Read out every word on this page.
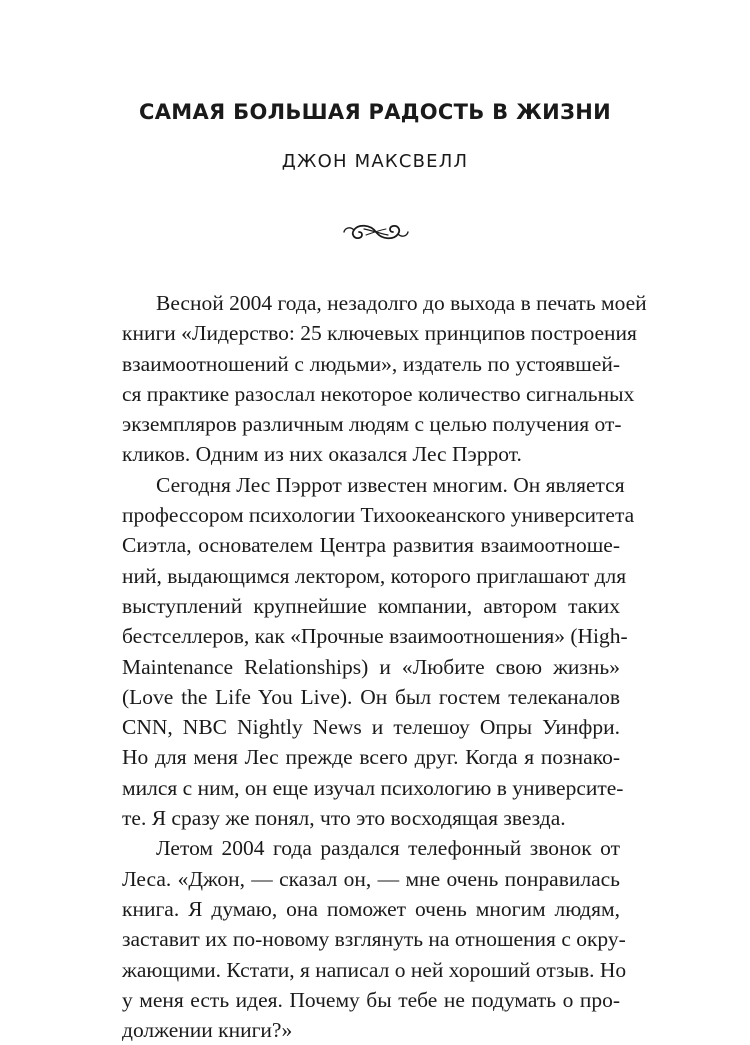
САМАЯ БОЛЬШАЯ РАДОСТЬ В ЖИЗНИ
ДЖОН МАКСВЕЛЛ

Весной 2004 года, незадолго до выхода в печать моей
книги «Лидерство: 25 ключевых принципов построения
взаимоотношений с людьми», издатель по устоявшей-
ся практике разослал некоторое количество сигнальных
экземпляров различным людям с целью получения от-
кликов. Одним из них оказался Лес Пэррот.

Сегодня Лес Пэррот известен многим. Он является
профессором психологии Тихоокеанского университета
Сиэтла, основателем Центра развития взаимоотноше-
ний, выдающимся лектором, которого приглашают для
выступлений крупнейшие компании, автором таких
бестселлеров, как «Прочные взаимоотношения» (High-
Maintenance Relationships) и «Любите свою жизнь»
(Love the Life You Live). Он был гостем телеканалов
CNN, NBC Nightly News и телешоу Опры Уинфри.
Но для меня Лес прежде всего друг. Когда я познако-
мился с ним, он еще изучал психологию в университе-
те. Я сразу же понял, что это восходящая звезда.

Летом 2004 года раздался телефонный звонок от
Леса. «Джон, — сказал он, — мне очень понравилась
книга. Я думаю, она поможет очень многим людям,
заставит их по-новому взглянуть на отношения с окру-
жающими. Кстати, я написал о ней хороший отзыв. Но
у меня есть идея. Почему бы тебе не подумать о про-
должении книги?»
